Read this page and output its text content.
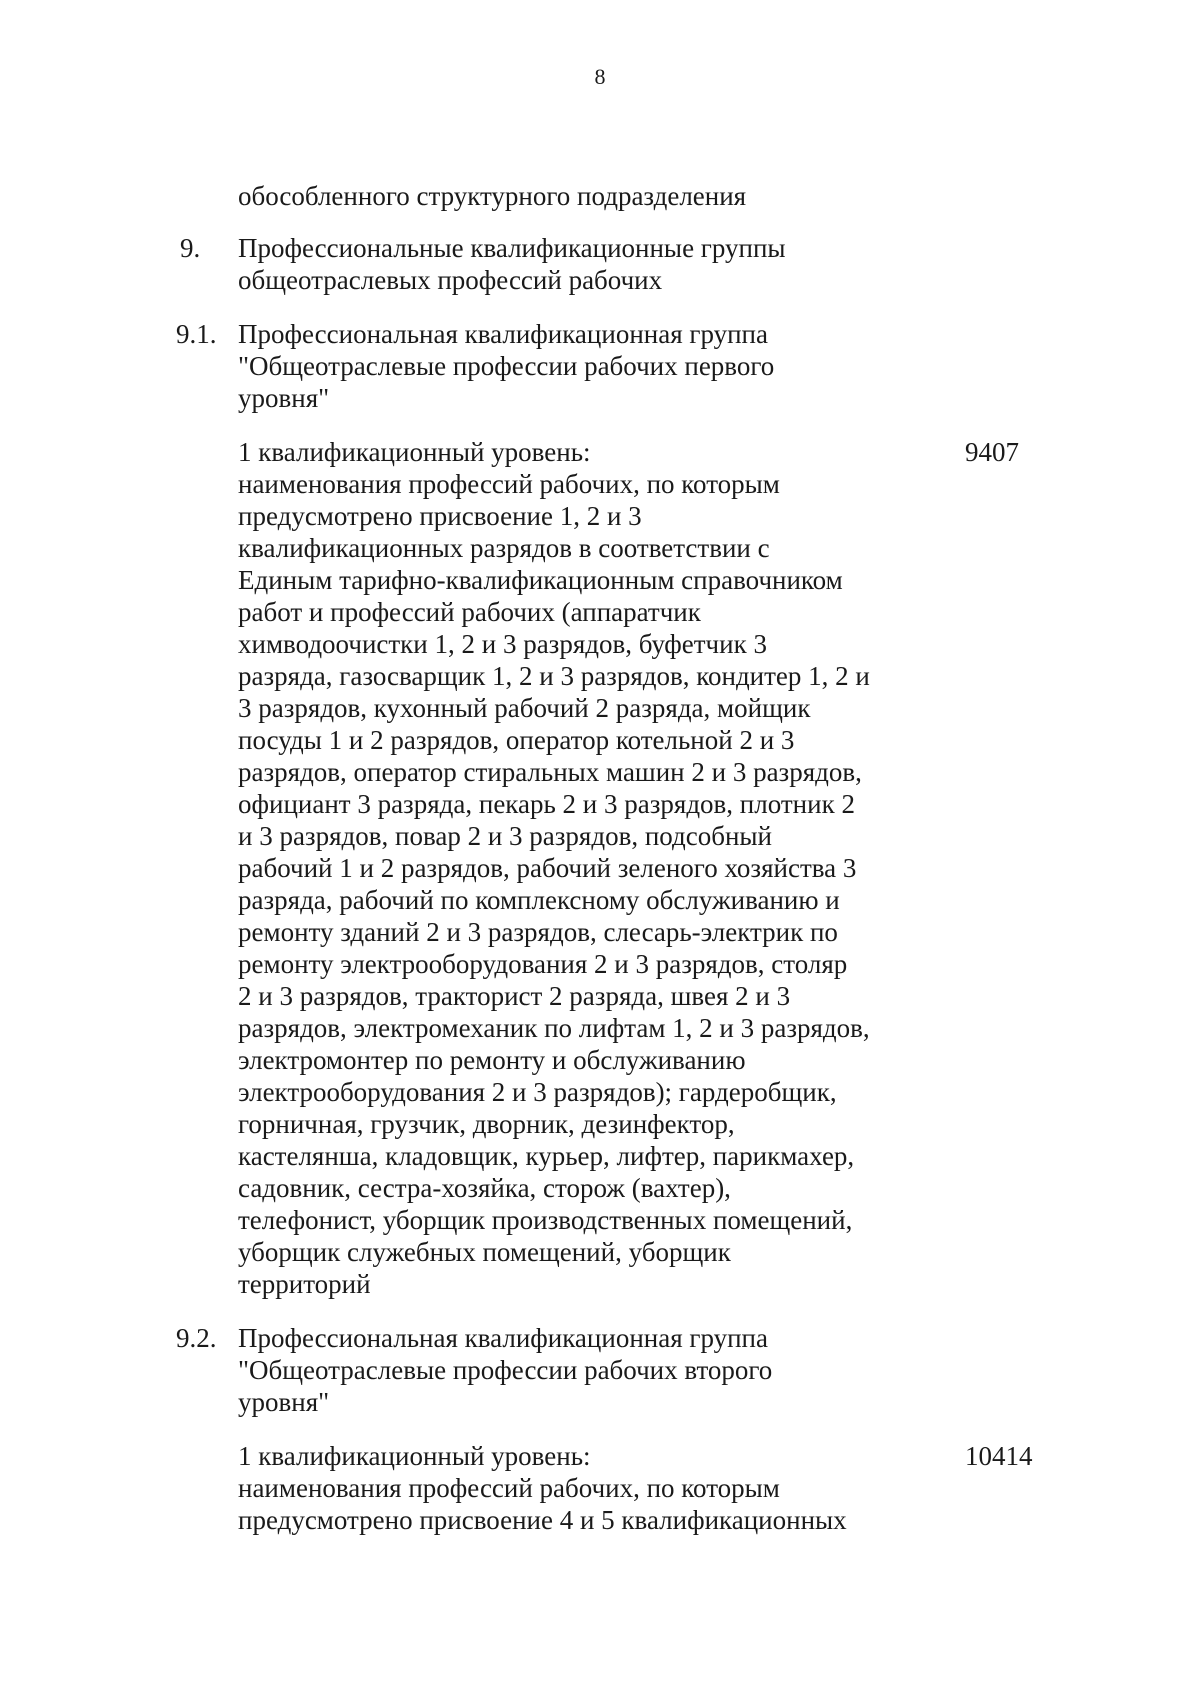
8
обособленного структурного подразделения
9. Профессиональные квалификационные группы
общеотраслевых профессий рабочих
9.1. Профессиональная квалификационная группа
"Общеотраслевые профессии рабочих первого
уровня"
9407
1 квалификационный уровень:
наименования профессий рабочих, по которым
предусмотрено присвоение 1, 2 и 3
квалификационных разрядов в соответствии с
Единым тарифно-квалификационным справочником
работ и профессий рабочих (аппаратчик
химводоочистки 1, 2 и 3 разрядов, буфетчик 3
разряда, газосварщик 1, 2 и 3 разрядов, кондитер 1, 2 и
3 разрядов, кухонный рабочий 2 разряда, мойщик
посуды 1 и 2 разрядов, оператор котельной 2 и 3
разрядов, оператор стиральных машин 2 и 3 разрядов,
официант 3 разряда, пекарь 2 и 3 разрядов, плотник 2
и 3 разрядов, повар 2 и 3 разрядов, подсобный
рабочий 1 и 2 разрядов, рабочий зеленого хозяйства 3
разряда, рабочий по комплексному обслуживанию и
ремонту зданий 2 и 3 разрядов, слесарь-электрик по
ремонту электрооборудования 2 и 3 разрядов, столяр
2 и 3 разрядов, тракторист 2 разряда, швея 2 и 3
разрядов, электромеханик по лифтам 1, 2 и 3 разрядов,
электромонтер по ремонту и обслуживанию
электрооборудования 2 и 3 разрядов); гардеробщик,
горничная, грузчик, дворник, дезинфектор,
кастелянша, кладовщик, курьер, лифтер, парикмахер,
садовник, сестра-хозяйка, сторож (вахтер),
телефонист, уборщик производственных помещений,
уборщик служебных помещений, уборщик
территорий
9.2. Профессиональная квалификационная группа
"Общеотраслевые профессии рабочих второго
уровня"
10414
1 квалификационный уровень:
наименования профессий рабочих, по которым
предусмотрено присвоение 4 и 5 квалификационных
